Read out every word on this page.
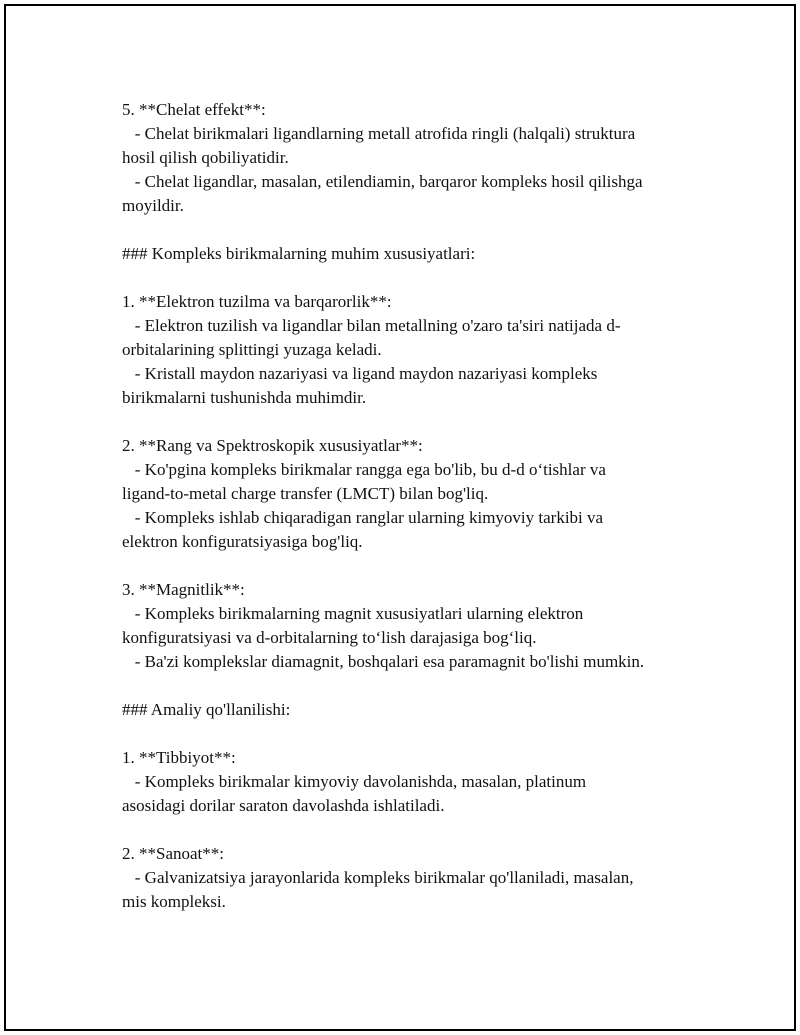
5. **Chelat effekt**:
- Chelat birikmalari ligandlarning metall atrofida ringli (halqali) struktura
hosil qilish qobiliyatidir.
- Chelat ligandlar, masalan, etilendiamin, barqaror kompleks hosil qilishga
moyildir.
### Kompleks birikmalarning muhim xususiyatlari:
1. **Elektron tuzilma va barqarorlik**:
- Elektron tuzilish va ligandlar bilan metallning o'zaro ta'siri natijada d-
orbitalarining splittingi yuzaga keladi.
- Kristall maydon nazariyasi va ligand maydon nazariyasi kompleks
birikmalarni tushunishda muhimdir.
2. **Rang va Spektroskopik xususiyatlar**:
- Ko'pgina kompleks birikmalar rangga ega bo'lib, bu d-d oʻtishlar va
ligand-to-metal charge transfer (LMCT) bilan bog'liq.
- Kompleks ishlab chiqaradigan ranglar ularning kimyoviy tarkibi va
elektron konfiguratsiyasiga bog'liq.
3. **Magnitlik**:
- Kompleks birikmalarning magnit xususiyatlari ularning elektron
konfiguratsiyasi va d-orbitalarning toʻlish darajasiga bogʻliq.
- Ba'zi komplekslar diamagnit, boshqalari esa paramagnit bo'lishi mumkin.
### Amaliy qo'llanilishi:
1. **Tibbiyot**:
- Kompleks birikmalar kimyoviy davolanishda, masalan, platinum
asosidagi dorilar saraton davolashda ishlatiladi.
2. **Sanoat**:
- Galvanizatsiya jarayonlarida kompleks birikmalar qo'llaniladi, masalan,
mis kompleksi.
